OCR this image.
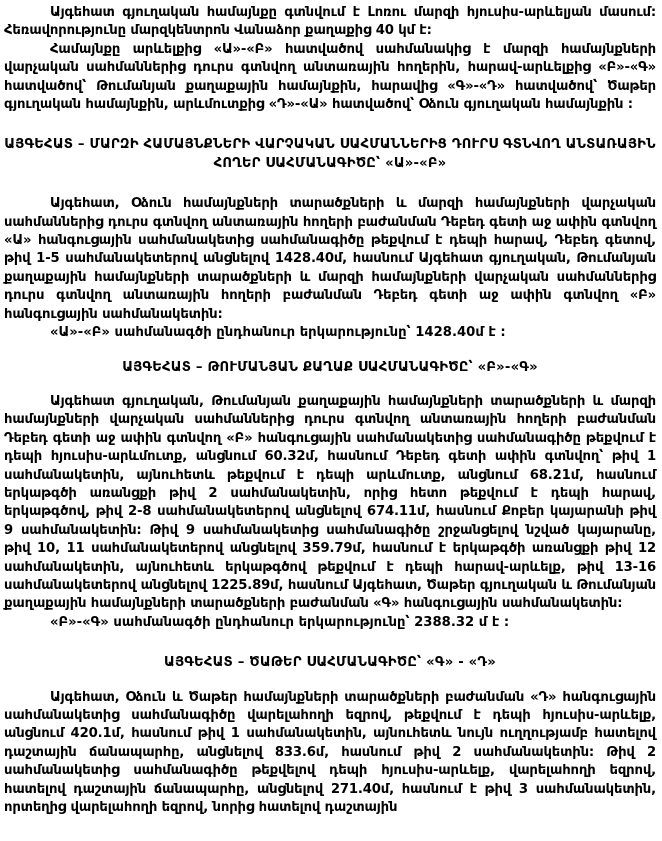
Այգեհատ գյուղական համայնքը գտնվում է Լոռու մարզի հյուսիս-արևելյան մասում: Հեռավորությունը մարզկենտրոն Վանաձոր քաղաքից 40 կմ է:

Համայնքը արևելքից «Ա»-«Բ» հատվածով սահմանակից է մարզի համայնքների վարչական սահմաններից դուրս գտնվող անտառային հողերին, հարավ-արևելքից «Բ»-«Գ» հատվածով՝ Թումանյան քաղաքային համայնքին, հարավից «Գ»-«Դ» հատվածով՝ Ծաթեր գյուղական համայնքին, արևմուտքից «Դ»-«Ա» հատվածով՝ Օձուն գյուղական համայնքին :

ԱՅԳԵՀԱՏ – ՄԱՐԶԻ ՀԱՄԱՅՆՔՆԵՐԻ ՎԱՐՉԱԿԱՆ ՍԱՀՄԱՆՆԵՐԻՑ ԴՈՒՐՍ ԳՏՆՎՈՂ ԱՆՏԱՌԱՅԻՆ ՀՈՂԵՐ ՍԱՀՄԱՆԱԳԻԾԸ՝ «Ա»-«Բ»

Այգեհատ, Օձուն համայնքների տարածքների և մարզի համայնքների վարչական սահմաններից դուրս գտնվող անտառային հողերի բաժանման Դեբեդ գետի աջ ափին գտնվող «Ա» հանգուցային սահմանակետից սահմանագիծը թեքվում է դեպի հարավ, Դեբեդ գետով, թիվ 1-5 սահմանակետերով անցնելով 1428.40մ, հասնում Այգեհատ գյուղական, Թումանյան քաղաքային համայնքների տարածքների և մարզի համայնքների վարչական սահմաններից դուրս գտնվող անտառային հողերի բաժանման Դեբեդ գետի աջ ափին գտնվող «Բ» հանգուցային սահմանակետին:

«Ա»-«Բ» սահմանագծի ընդհանուր երկարությունը՝ 1428.40մ է :

ԱՅԳԵՀԱՏ – ԹՈՒՄԱՆՅԱՆ ՔԱՂԱՔ ՍԱՀՄԱՆԱԳԻԾԸ՝ «Բ»-«Գ»

Այգեհատ գյուղական, Թումանյան քաղաքային համայնքների տարածքների և մարզի համայնքների վարչական սահմաններից դուրս գտնվող անտառային հողերի բաժանման Դեբեդ գետի աջ ափին գտնվող «Բ» հանգուցային սահմանակետից սահմանագիծը թեքվում է դեպի հյուսիս-արևմուտք, անցնում 60.32մ, հասնում Դեբեդ գետի ափին գտնվող՝ թիվ 1 սահմանակետին, այնուհետև թեքվում է դեպի արևմուտք, անցնում 68.21մ, հասնում երկաթգծի առանցքի թիվ 2 սահմանակետին, որից հետո թեքվում է դեպի հարավ, երկաթգծով, թիվ 2-8 սահմանակետերով անցնելով 674.11մ, հասնում Քոբեր կայարանի թիվ 9 սահմանակետին: Թիվ 9 սահմանակետից սահմանագիծը շրջանցելով նշված կայարանը, թիվ 10, 11 սահմանակետերով անցնելով 359.79մ, հասնում է երկաթգծի առանցքի թիվ 12 սահմանակետին, այնուհետև երկաթգծով թեքվում է դեպի հարավ-արևելք, թիվ 13-16 սահմանակետերով անցնելով 1225.89մ, հասնում Այգեհատ, Ծաթեր գյուղական և Թումանյան քաղաքային համայնքների տարածքների բաժանման «Գ» հանգուցային սահմանակետին:

«Բ»-«Գ» սահմանագծի ընդհանուր երկարությունը՝ 2388.32 մ է :

ԱՅԳԵՀԱՏ – ԾԱԹԵՐ ՍԱՀՄԱՆԱԳԻԾԸ՝ «Գ» - «Դ»

Այգեհատ, Օձուն և Ծաթեր համայնքների տարածքների բաժանման «Դ» հանգուցային սահմանակետից սահմանագիծը վարելահողի եզրով, թեքվում է դեպի հյուսիս-արևելք, անցնում 420.1մ, հասնում թիվ 1 սահմանակետին, այնուհետև նույն ուղղությամբ հատելով դաշտային ճանապարհը, անցնելով 833.6մ, հասնում թիվ 2 սահմանակետին: Թիվ 2 սահմանակետից սահմանագիծը թեքվելով դեպի հյուսիս-արևելք, վարելահողի եզրով, հատելով դաշտային ճանապարհը, անցնելով 271.40մ, հասնում է թիվ 3 սահմանակետին, որտեղից վարելահողի եզրով, նորից հատելով դաշտային
